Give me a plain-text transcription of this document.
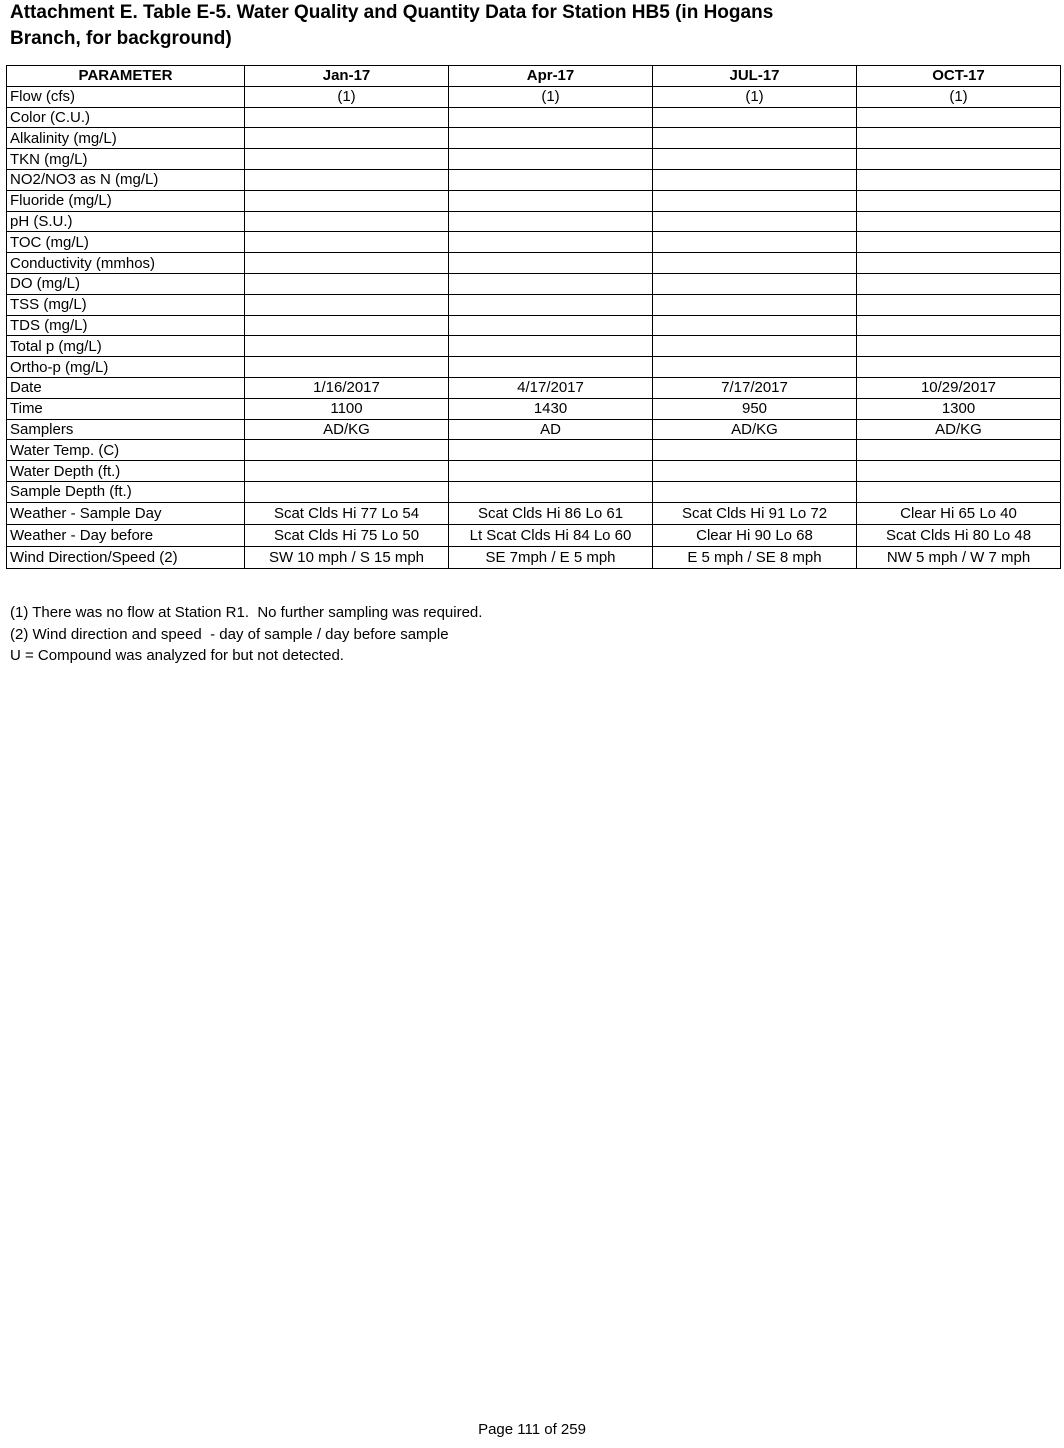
Attachment E. Table E-5. Water Quality and Quantity Data for Station HB5 (in Hogans
Branch, for background)
PARAMETER	Jan-17	Apr-17	JUL-17	OCT-17
Flow (cfs)	(1)	(1)	(1)	(1)
Color (C.U.)				
Alkalinity (mg/L)				
TKN (mg/L)				
NO2/NO3 as N (mg/L)				
Fluoride (mg/L)				
pH (S.U.)				
TOC (mg/L)				
Conductivity (mmhos)				
DO (mg/L)				
TSS (mg/L)				
TDS (mg/L)				
Total p (mg/L)				
Ortho-p (mg/L)				
Date	1/16/2017	4/17/2017	7/17/2017	10/29/2017
Time	1100	1430	950	1300
Samplers	AD/KG	AD	AD/KG	AD/KG
Water Temp. (C)				
Water Depth (ft.)				
Sample Depth (ft.)				
Weather - Sample Day	Scat Clds Hi 77 Lo 54	Scat Clds Hi 86 Lo 61	Scat Clds Hi 91 Lo 72	Clear Hi 65 Lo 40
Weather - Day before	Scat Clds Hi 75 Lo 50	Lt Scat Clds Hi 84 Lo 60	Clear Hi 90 Lo 68	Scat Clds Hi 80 Lo 48
Wind Direction/Speed (2)	SW 10 mph / S 15 mph	SE 7mph / E 5 mph	E 5 mph / SE 8 mph	NW 5 mph / W 7 mph
(1) There was no flow at Station R1.  No further sampling was required.
(2) Wind direction and speed  - day of sample / day before sample
U = Compound was analyzed for but not detected.
Page 111 of 259
